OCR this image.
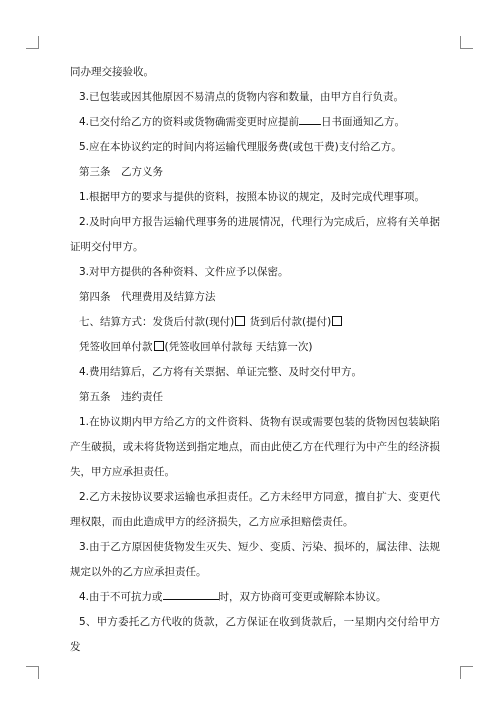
同办理交接验收。

3.已包装或因其他原因不易清点的货物内容和数量，由甲方自行负责。

4.已交付给乙方的资料或货物确需变更时应提前 日书面通知乙方。

5.应在本协议约定的时间内将运输代理服务费(或包干费)支付给乙方。

第三条　乙方义务

1.根据甲方的要求与提供的资料，按照本协议的规定，及时完成代理事项。

2.及时向甲方报告运输代理事务的进展情况，代理行为完成后，应将有关单据证明交付甲方。

3.对甲方提供的各种资料、文件应予以保密。

第四条　代理费用及结算方法

七、结算方式：发货后付款(现付) 货到后付款(提付)

凭签收回单付款 (凭签收回单付款每 天结算一次)

4.费用结算后，乙方将有关票据、单证完整、及时交付甲方。

第五条　违约责任

1.在协议期内甲方给乙方的文件资料、货物有误或需要包装的货物因包装缺陷产生破损，或未将货物送到指定地点，而由此使乙方在代理行为中产生的经济损失，甲方应承担责任。

2.乙方未按协议要求运输也承担责任。乙方未经甲方同意，擅自扩大、变更代理权限，而由此造成甲方的经济损失，乙方应承担赔偿责任。

3.由于乙方原因使货物发生灭失、短少、变质、污染、损坏的，属法律、法规规定以外的乙方应承担责任。

4.由于不可抗力或	时，双方协商可变更或解除本协议。

5、甲方委托乙方代收的货款，乙方保证在收到货款后，一星期内交付给甲方发
